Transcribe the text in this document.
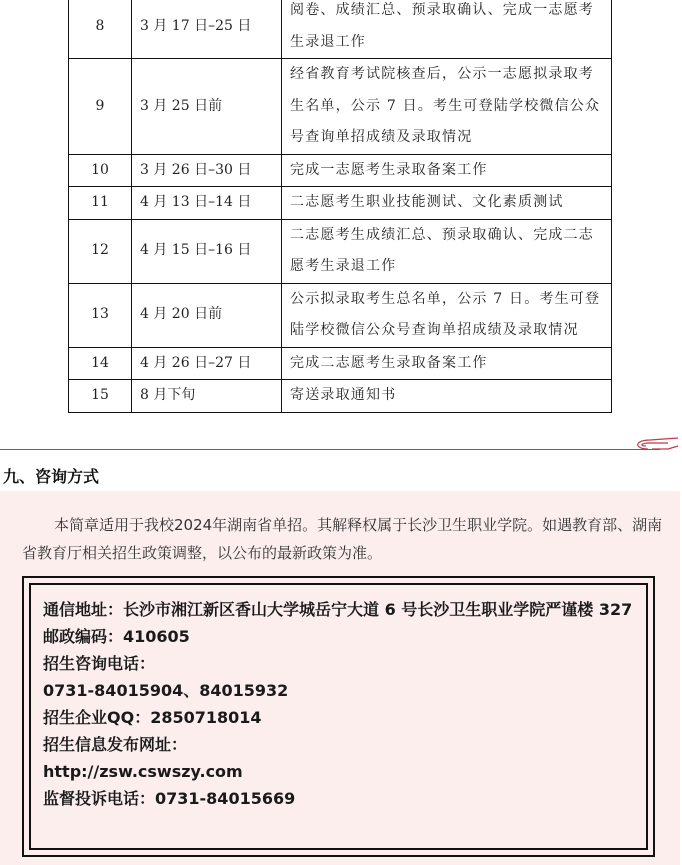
8	3 月 17 日–25 日	阅卷、成绩汇总、预录取确认、完成一志愿考生录退工作
9	3 月 25 日前	经省教育考试院核查后，公示一志愿拟录取考生名单，公示 7 日。考生可登陆学校微信公众号查询单招成绩及录取情况
10	3 月 26 日–30 日	完成一志愿考生录取备案工作
11	4 月 13 日–14 日	二志愿考生职业技能测试、文化素质测试
12	4 月 15 日–16 日	二志愿考生成绩汇总、预录取确认、完成二志愿考生录退工作
13	4 月 20 日前	公示拟录取考生总名单，公示 7 日。考生可登陆学校微信公众号查询单招成绩及录取情况
14	4 月 26 日–27 日	完成二志愿考生录取备案工作
15	8 月下旬	寄送录取通知书
九、咨询方式

本简章适用于我校2024年湖南省单招。其解释权属于长沙卫生职业学院。如遇教育部、湖南省教育厅相关招生政策调整，以公布的最新政策为准。

通信地址：长沙市湘江新区香山大学城岳宁大道 6 号长沙卫生职业学院严谨楼 327

邮政编码：410605

招生咨询电话：

0731-84015904、84015932

招生企业QQ：2850718014

招生信息发布网址：

http://zsw.cswszy.com

监督投诉电话：0731-84015669
